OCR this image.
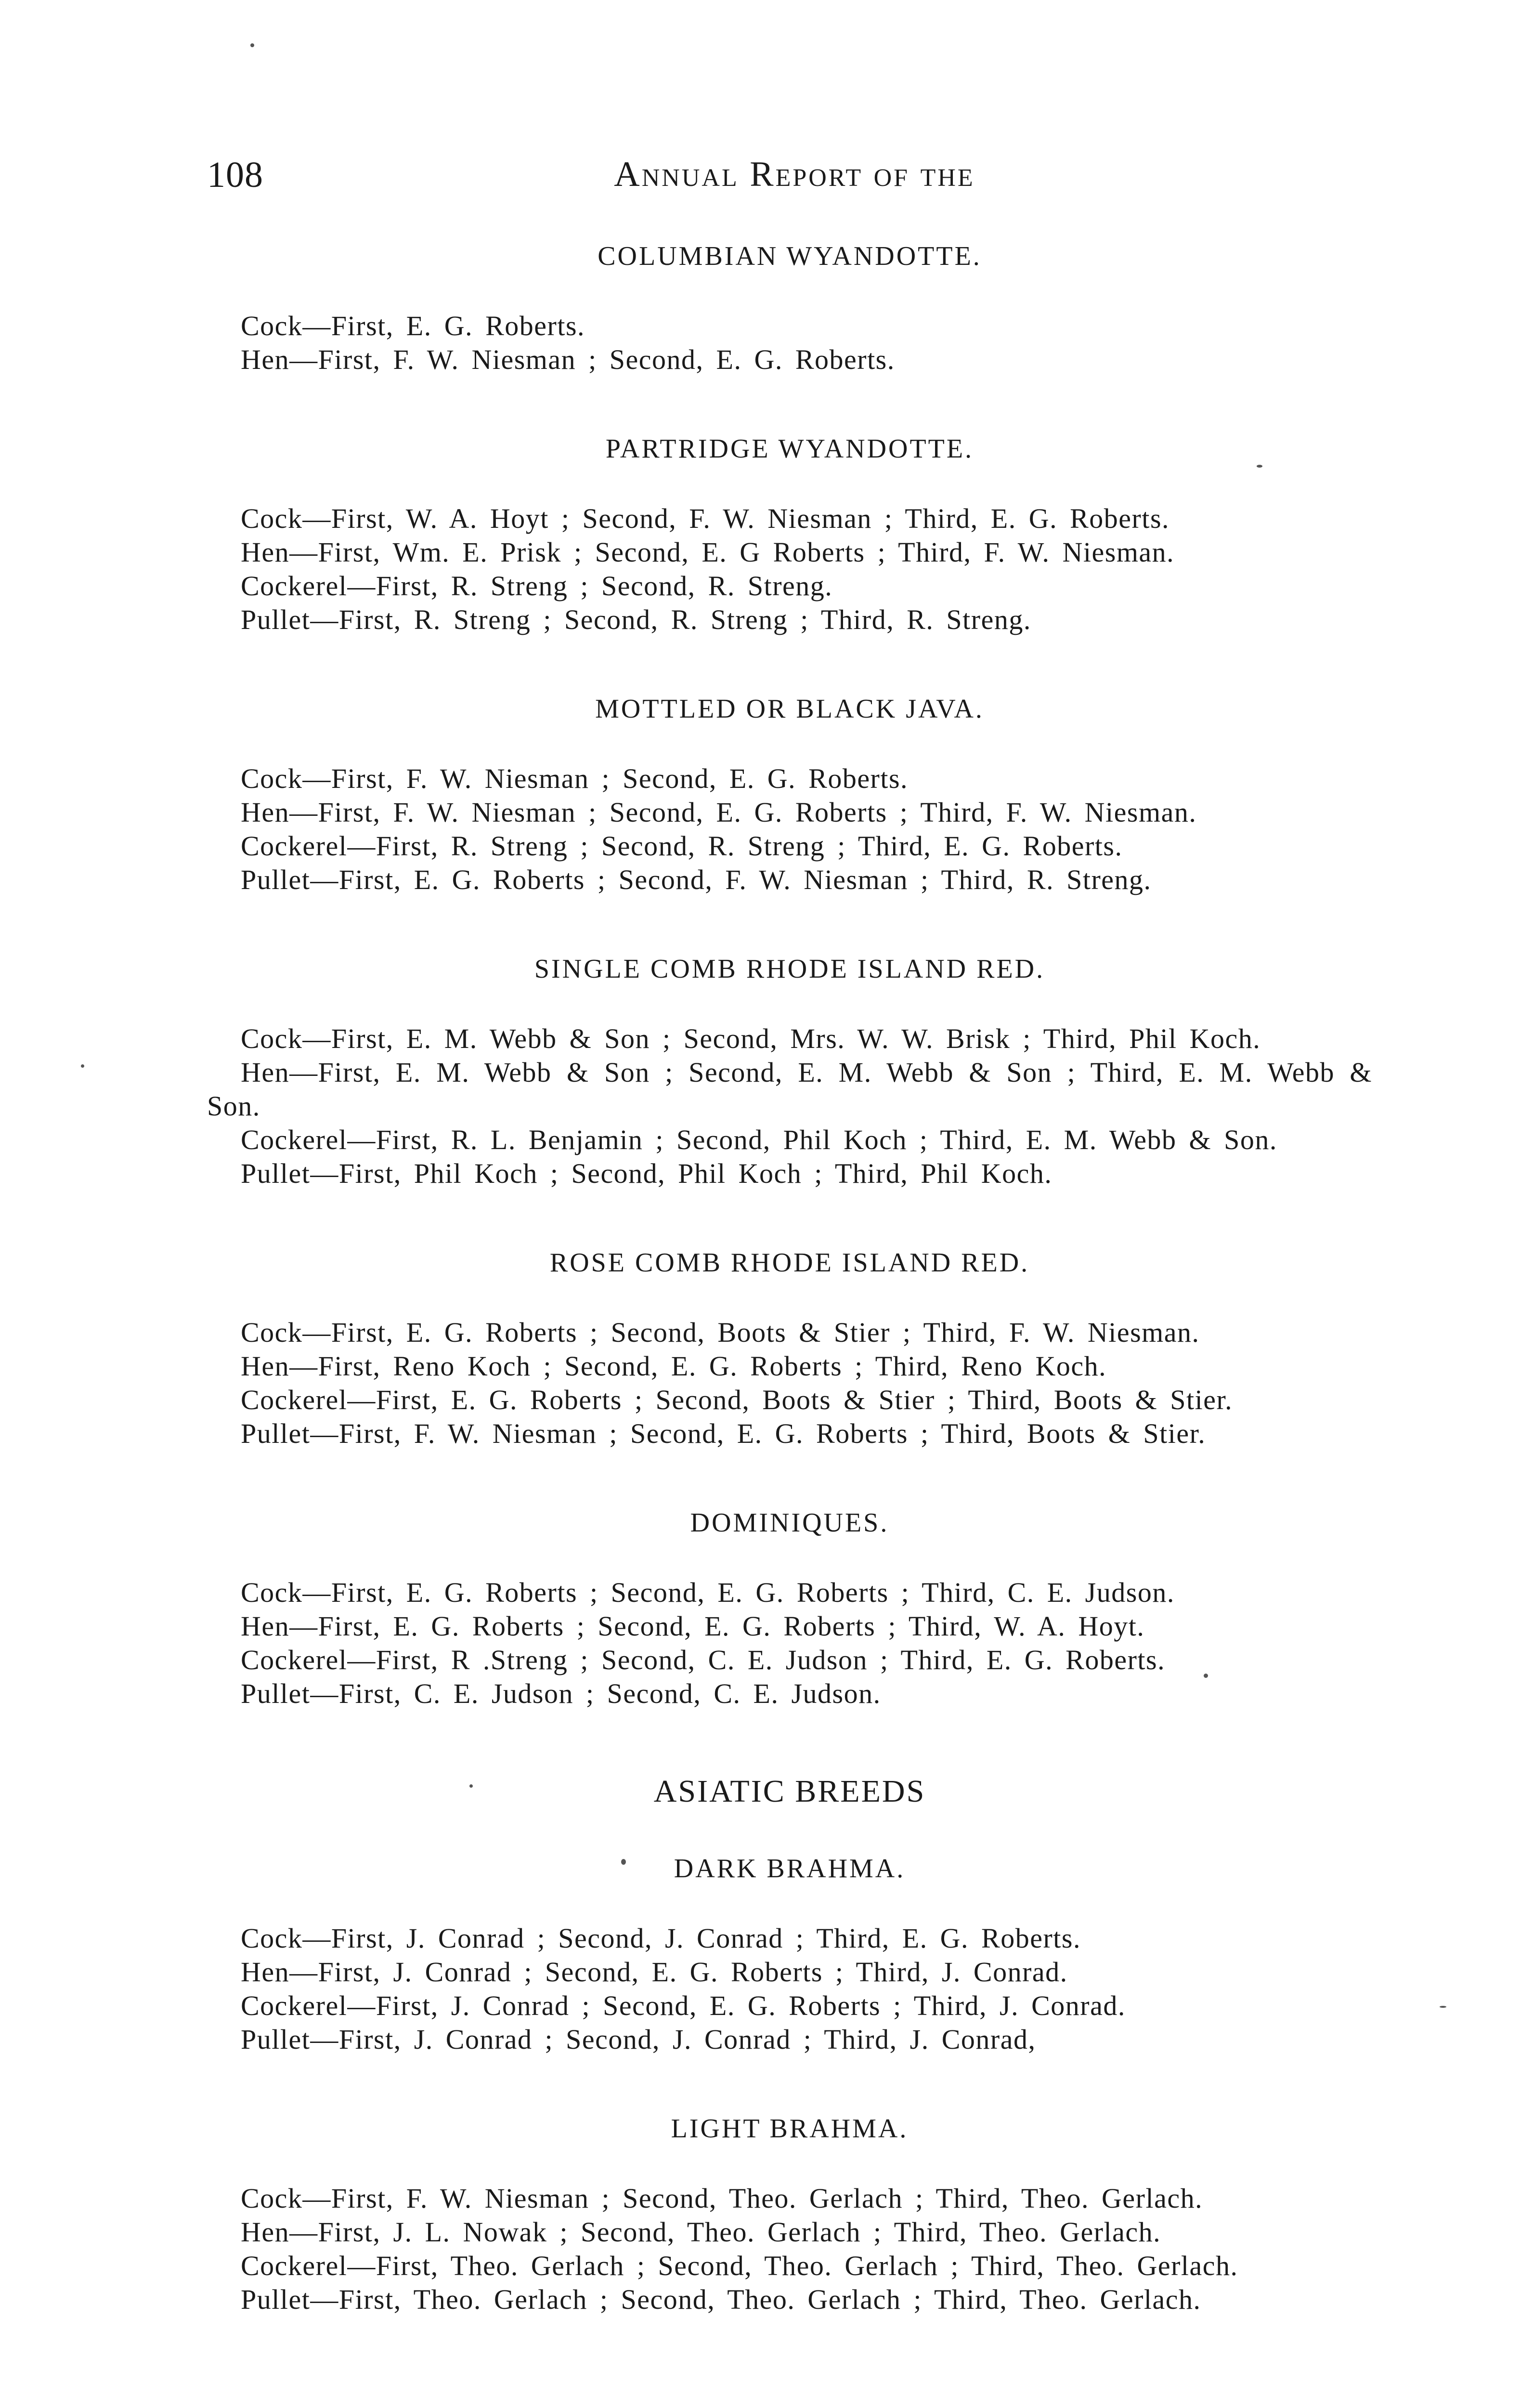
108	Annual Report of the
COLUMBIAN WYANDOTTE.

Cock—First, E. G. Roberts.

Hen—First, F. W. Niesman ; Second, E. G. Roberts.

PARTRIDGE WYANDOTTE.

Cock—First, W. A. Hoyt ; Second, F. W. Niesman ; Third, E. G. Roberts.

Hen—First, Wm. E. Prisk ; Second, E. G Roberts ; Third, F. W. Niesman.

Cockerel—First, R. Streng ; Second, R. Streng.

Pullet—First, R. Streng ; Second, R. Streng ; Third, R. Streng.

MOTTLED OR BLACK JAVA.

Cock—First, F. W. Niesman ; Second, E. G. Roberts.

Hen—First, F. W. Niesman ; Second, E. G. Roberts ; Third, F. W. Niesman.

Cockerel—First, R. Streng ; Second, R. Streng ; Third, E. G. Roberts.

Pullet—First, E. G. Roberts ; Second, F. W. Niesman ; Third, R. Streng.

SINGLE COMB RHODE ISLAND RED.

Cock—First, E. M. Webb & Son ; Second, Mrs. W. W. Brisk ; Third, Phil Koch.

Hen—First, E. M. Webb & Son ; Second, E. M. Webb & Son ; Third, E. M. Webb & Son.

Cockerel—First, R. L. Benjamin ; Second, Phil Koch ; Third, E. M. Webb & Son.

Pullet—First, Phil Koch ; Second, Phil Koch ; Third, Phil Koch.

ROSE COMB RHODE ISLAND RED.

Cock—First, E. G. Roberts ; Second, Boots & Stier ; Third, F. W. Niesman.

Hen—First, Reno Koch ; Second, E. G. Roberts ; Third, Reno Koch.

Cockerel—First, E. G. Roberts ; Second, Boots & Stier ; Third, Boots & Stier.

Pullet—First, F. W. Niesman ; Second, E. G. Roberts ; Third, Boots & Stier.

DOMINIQUES.

Cock—First, E. G. Roberts ; Second, E. G. Roberts ; Third, C. E. Judson.

Hen—First, E. G. Roberts ; Second, E. G. Roberts ; Third, W. A. Hoyt.

Cockerel—First, R .Streng ; Second, C. E. Judson ; Third, E. G. Roberts.

Pullet—First, C. E. Judson ; Second, C. E. Judson.

ASIATIC BREEDS
DARK BRAHMA.

Cock—First, J. Conrad ; Second, J. Conrad ; Third, E. G. Roberts.

Hen—First, J. Conrad ; Second, E. G. Roberts ; Third, J. Conrad.

Cockerel—First, J. Conrad ; Second, E. G. Roberts ; Third, J. Conrad.

Pullet—First, J. Conrad ; Second, J. Conrad ; Third, J. Conrad,

LIGHT BRAHMA.

Cock—First, F. W. Niesman ; Second, Theo. Gerlach ; Third, Theo. Gerlach.

Hen—First, J. L. Nowak ; Second, Theo. Gerlach ; Third, Theo. Gerlach.

Cockerel—First, Theo. Gerlach ; Second, Theo. Gerlach ; Third, Theo. Gerlach.

Pullet—First, Theo. Gerlach ; Second, Theo. Gerlach ; Third, Theo. Gerlach.
